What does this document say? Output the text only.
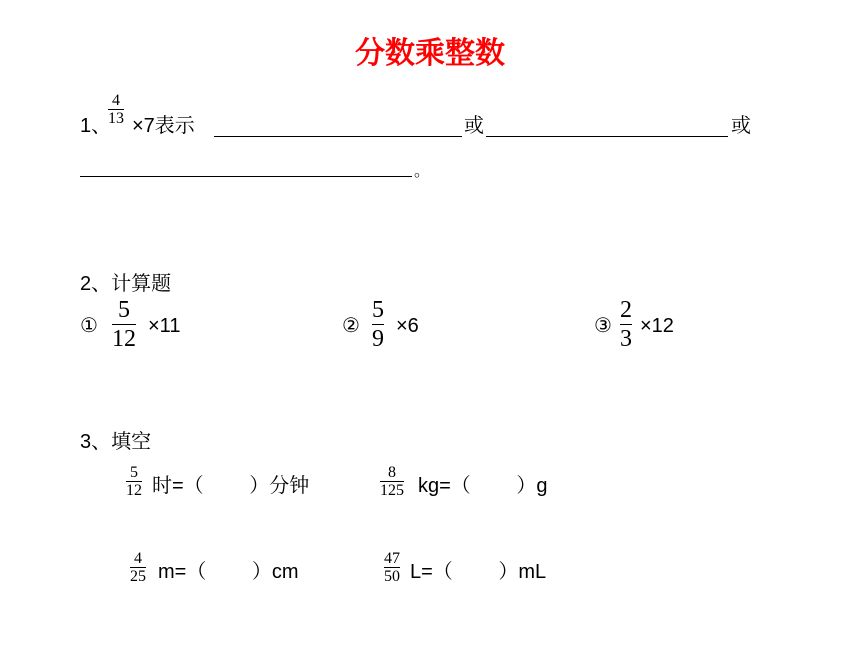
分数乘整数
1、
4
13 ×7表示	或	或
。
2、计算题
①
5
12 ×11	②
5
9 ×6	③
2
3 ×12
3、填空
5
12 时=（　 　）分钟
8
125 kg=（　 　）g
4
25 m=（　 　）cm
47
50 L=（　 　）mL
